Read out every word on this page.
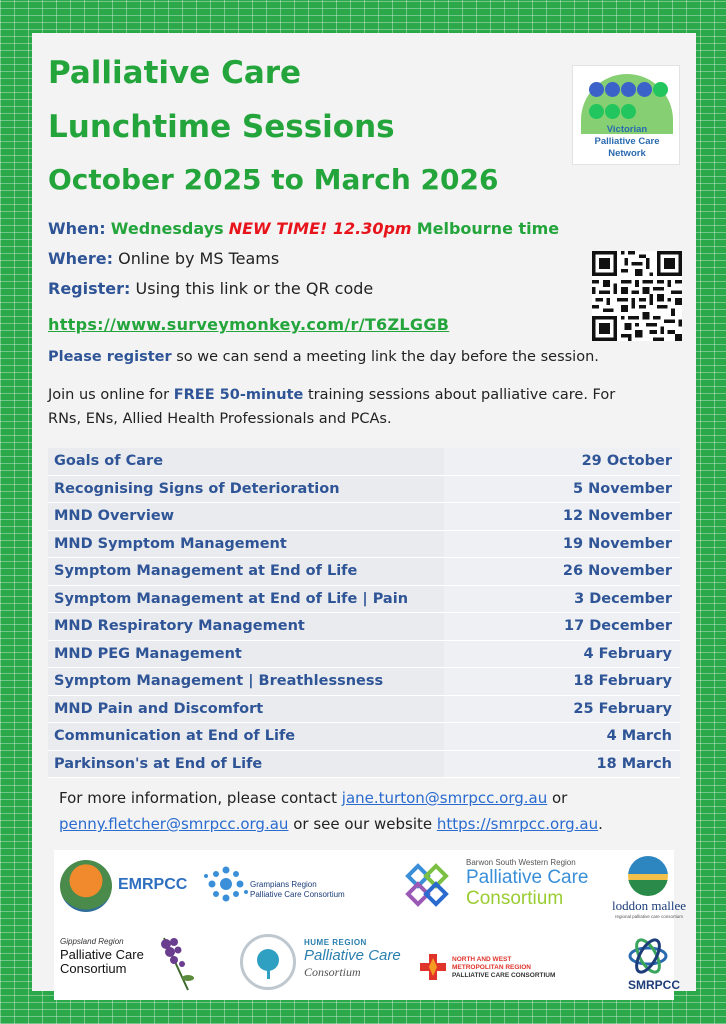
Palliative Care
Lunchtime Sessions
October 2025 to March 2026
Victorian
Palliative Care
Network
When: Wednesdays NEW TIME! 12.30pm Melbourne time
Where: Online by MS Teams
Register: Using this link or the QR code
https://www.surveymonkey.com/r/T6ZLGGB
Please register so we can send a meeting link the day before the session.
Join us online for FREE 50-minute training sessions about palliative care. For
RNs, ENs, Allied Health Professionals and PCAs.
Goals of Care	29 October
Recognising Signs of Deterioration	5 November
MND Overview	12 November
MND Symptom Management	19 November
Symptom Management at End of Life	26 November
Symptom Management at End of Life | Pain	3 December
MND Respiratory Management	17 December
MND PEG Management	4 February
Symptom Management | Breathlessness	18 February
MND Pain and Discomfort	25 February
Communication at End of Life	4 March
Parkinson's at End of Life	18 March
For more information, please contact jane.turton@smrpcc.org.au or
penny.fletcher@smrpcc.org.au or see our website https://smrpcc.org.au.
EMRPCC	Grampians Region
Palliative Care Consortium
Barwon South Western Region
Palliative Care
Consortium	loddon mallee
regional palliative care consortium
Gippsland Region
Palliative Care
Consortium
HUME REGION
Palliative Care
Consortium
NORTH AND WEST
METROPOLITAN REGION
PALLIATIVE CARE CONSORTIUM
SMRPCC
